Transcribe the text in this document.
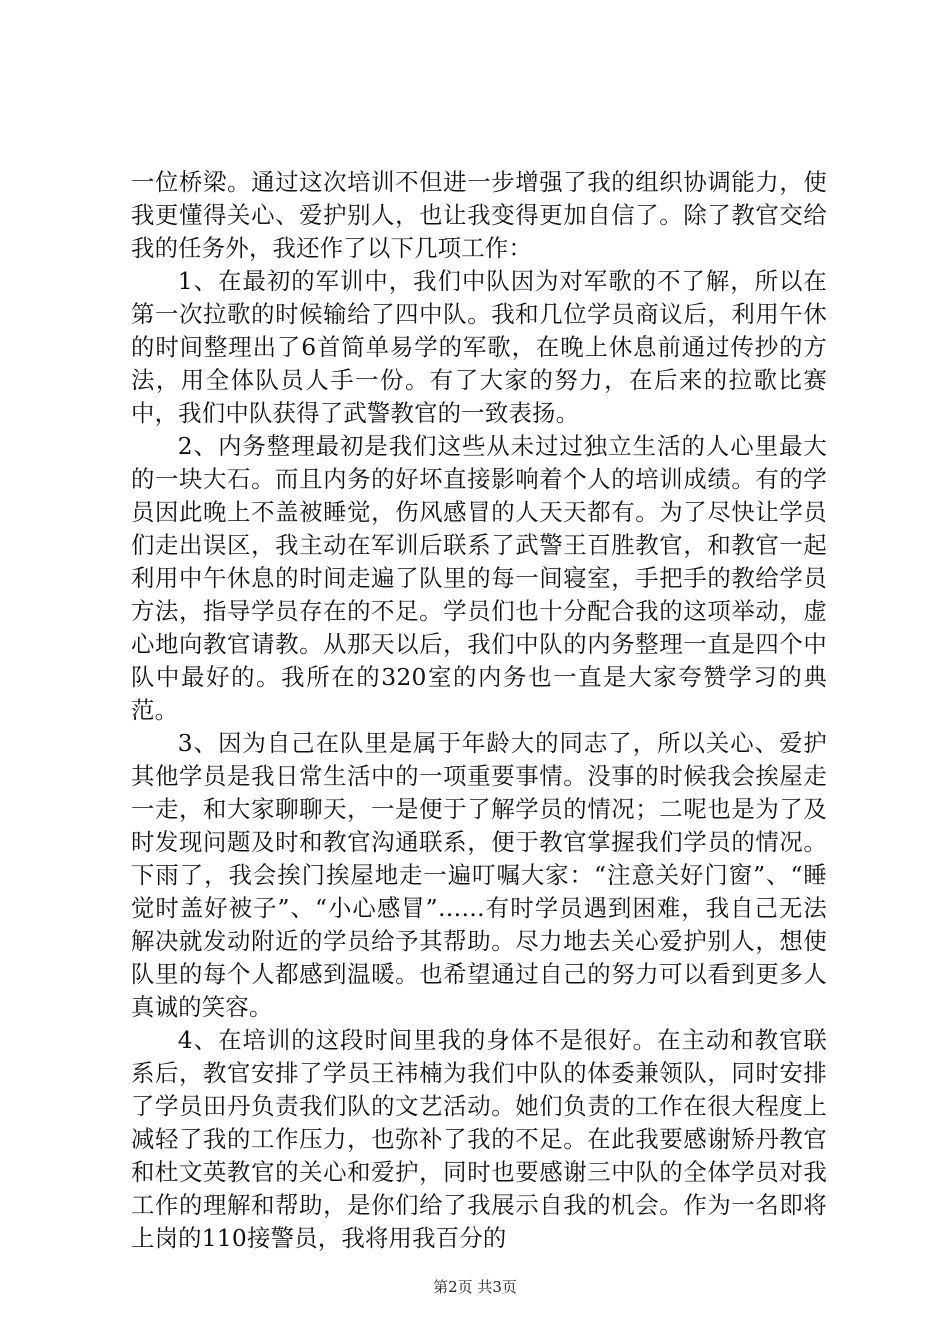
一位桥梁。通过这次培训不但进一步增强了我的组织协调能力，使我更懂得关心、爱护别人，也让我变得更加自信了。除了教官交给我的任务外，我还作了以下几项工作：

1、在最初的军训中，我们中队因为对军歌的不了解，所以在第一次拉歌的时候输给了四中队。我和几位学员商议后，利用午休的时间整理出了6首简单易学的军歌，在晚上休息前通过传抄的方法，用全体队员人手一份。有了大家的努力，在后来的拉歌比赛中，我们中队获得了武警教官的一致表扬。

2、内务整理最初是我们这些从未过过独立生活的人心里最大的一块大石。而且内务的好坏直接影响着个人的培训成绩。有的学员因此晚上不盖被睡觉，伤风感冒的人天天都有。为了尽快让学员们走出误区，我主动在军训后联系了武警王百胜教官，和教官一起利用中午休息的时间走遍了队里的每一间寝室，手把手的教给学员方法，指导学员存在的不足。学员们也十分配合我的这项举动，虚心地向教官请教。从那天以后，我们中队的内务整理一直是四个中队中最好的。我所在的320室的内务也一直是大家夸赞学习的典范。

3、因为自己在队里是属于年龄大的同志了，所以关心、爱护其他学员是我日常生活中的一项重要事情。没事的时候我会挨屋走一走，和大家聊聊天，一是便于了解学员的情况；二呢也是为了及时发现问题及时和教官沟通联系，便于教官掌握我们学员的情况。下雨了，我会挨门挨屋地走一遍叮嘱大家：“注意关好门窗”、“睡觉时盖好被子”、“小心感冒”……有时学员遇到困难，我自己无法解决就发动附近的学员给予其帮助。尽力地去关心爱护别人，想使队里的每个人都感到温暖。也希望通过自己的努力可以看到更多人真诚的笑容。

4、在培训的这段时间里我的身体不是很好。在主动和教官联系后，教官安排了学员王祎楠为我们中队的体委兼领队，同时安排了学员田丹负责我们队的文艺活动。她们负责的工作在很大程度上减轻了我的工作压力，也弥补了我的不足。在此我要感谢矫丹教官和杜文英教官的关心和爱护，同时也要感谢三中队的全体学员对我工作的理解和帮助，是你们给了我展示自我的机会。作为一名即将上岗的110接警员，我将用我百分的

第2页 共3页
